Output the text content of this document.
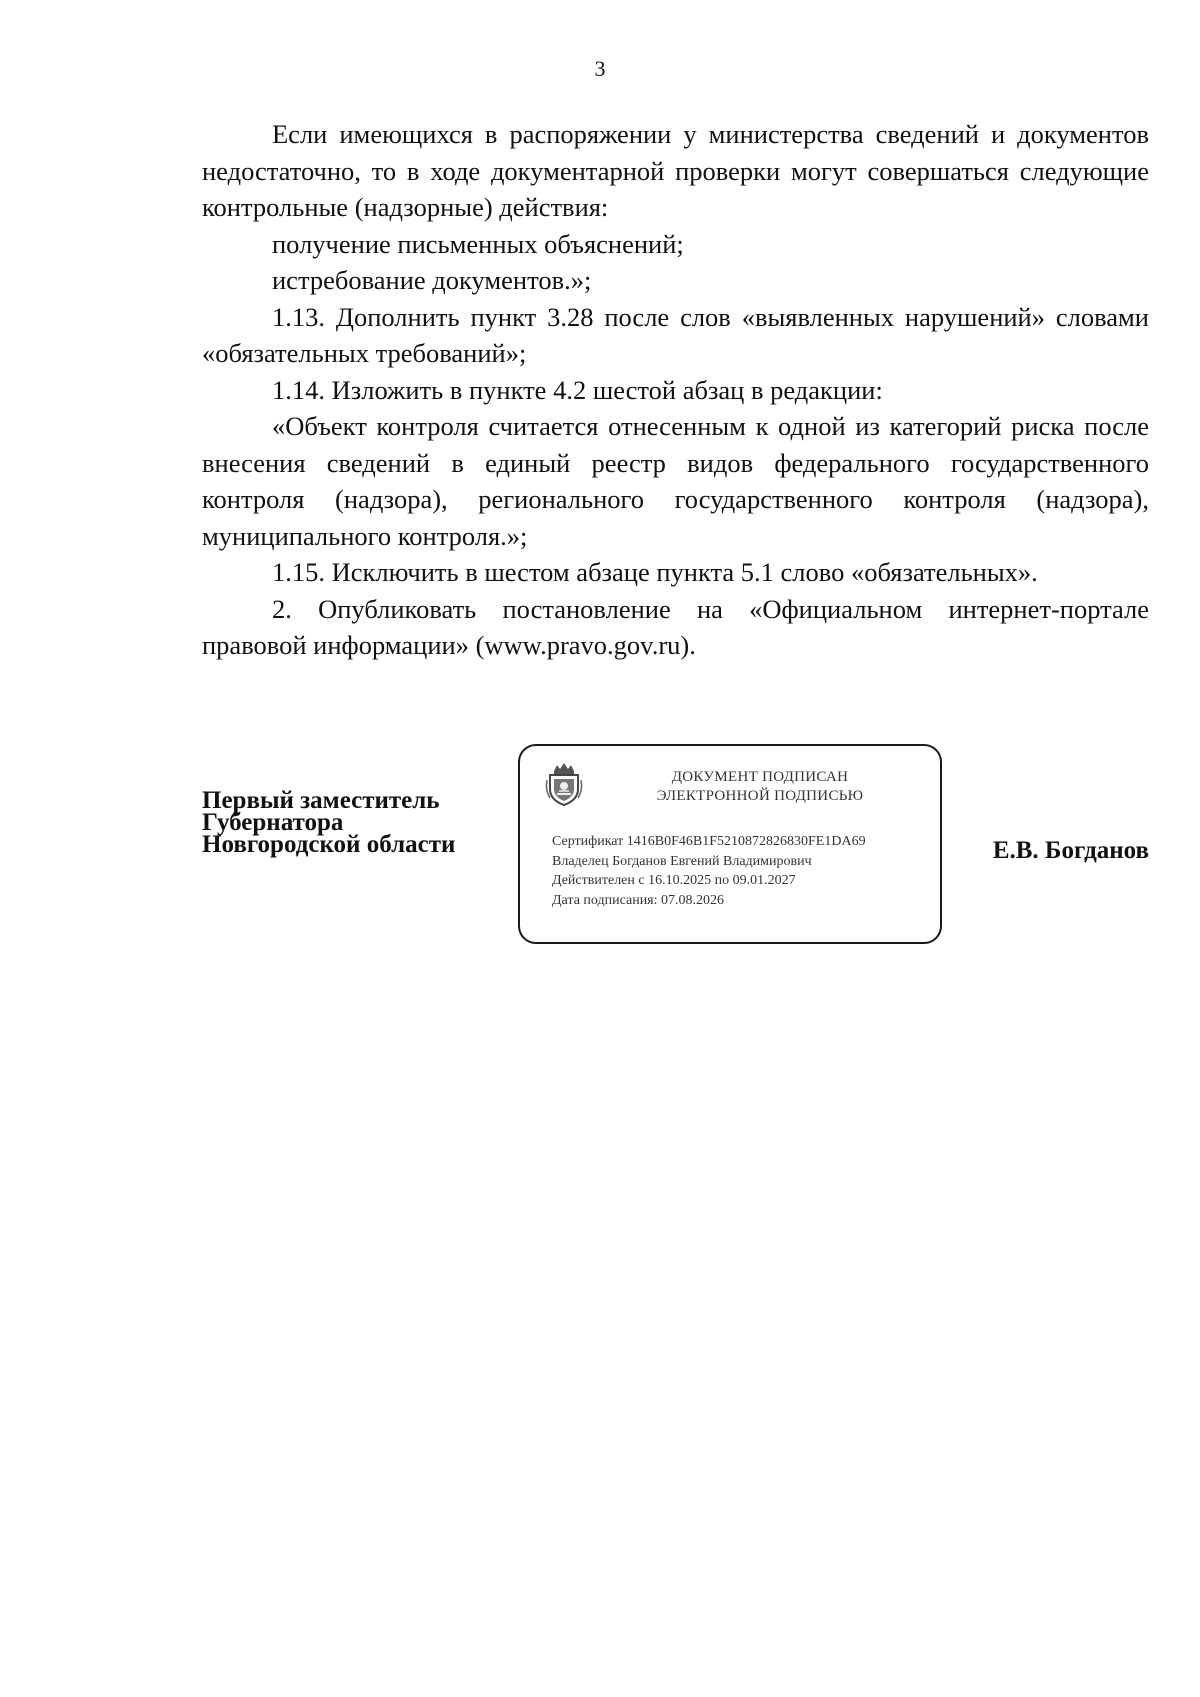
3

Если имеющихся в распоряжении у министерства сведений и документов недостаточно, то в ходе документарной проверки могут совершаться следующие контрольные (надзорные) действия:

получение письменных объяснений;

истребование документов.»;

1.13. Дополнить пункт 3.28 после слов «выявленных нарушений» словами «обязательных требований»;

1.14. Изложить в пункте 4.2 шестой абзац в редакции:

«Объект контроля считается отнесенным к одной из категорий риска после внесения сведений в единый реестр видов федерального государственного контроля (надзора), регионального государственного контроля (надзора), муниципального контроля.»;

1.15. Исключить в шестом абзаце пункта 5.1 слово «обязательных».

2. Опубликовать постановление на «Официальном интернет-портале правовой информации» (www.pravo.gov.ru).

Первый заместитель
Губернатора
Новгородской области
ДОКУМЕНТ ПОДПИСАН
ЭЛЕКТРОННОЙ ПОДПИСЬЮ
Сертификат 1416B0F46B1F5210872826830FE1DA69
Владелец Богданов Евгений Владимирович
Действителен с 16.10.2025 по 09.01.2027
Дата подписания: 07.08.2026
Е.В. Богданов
